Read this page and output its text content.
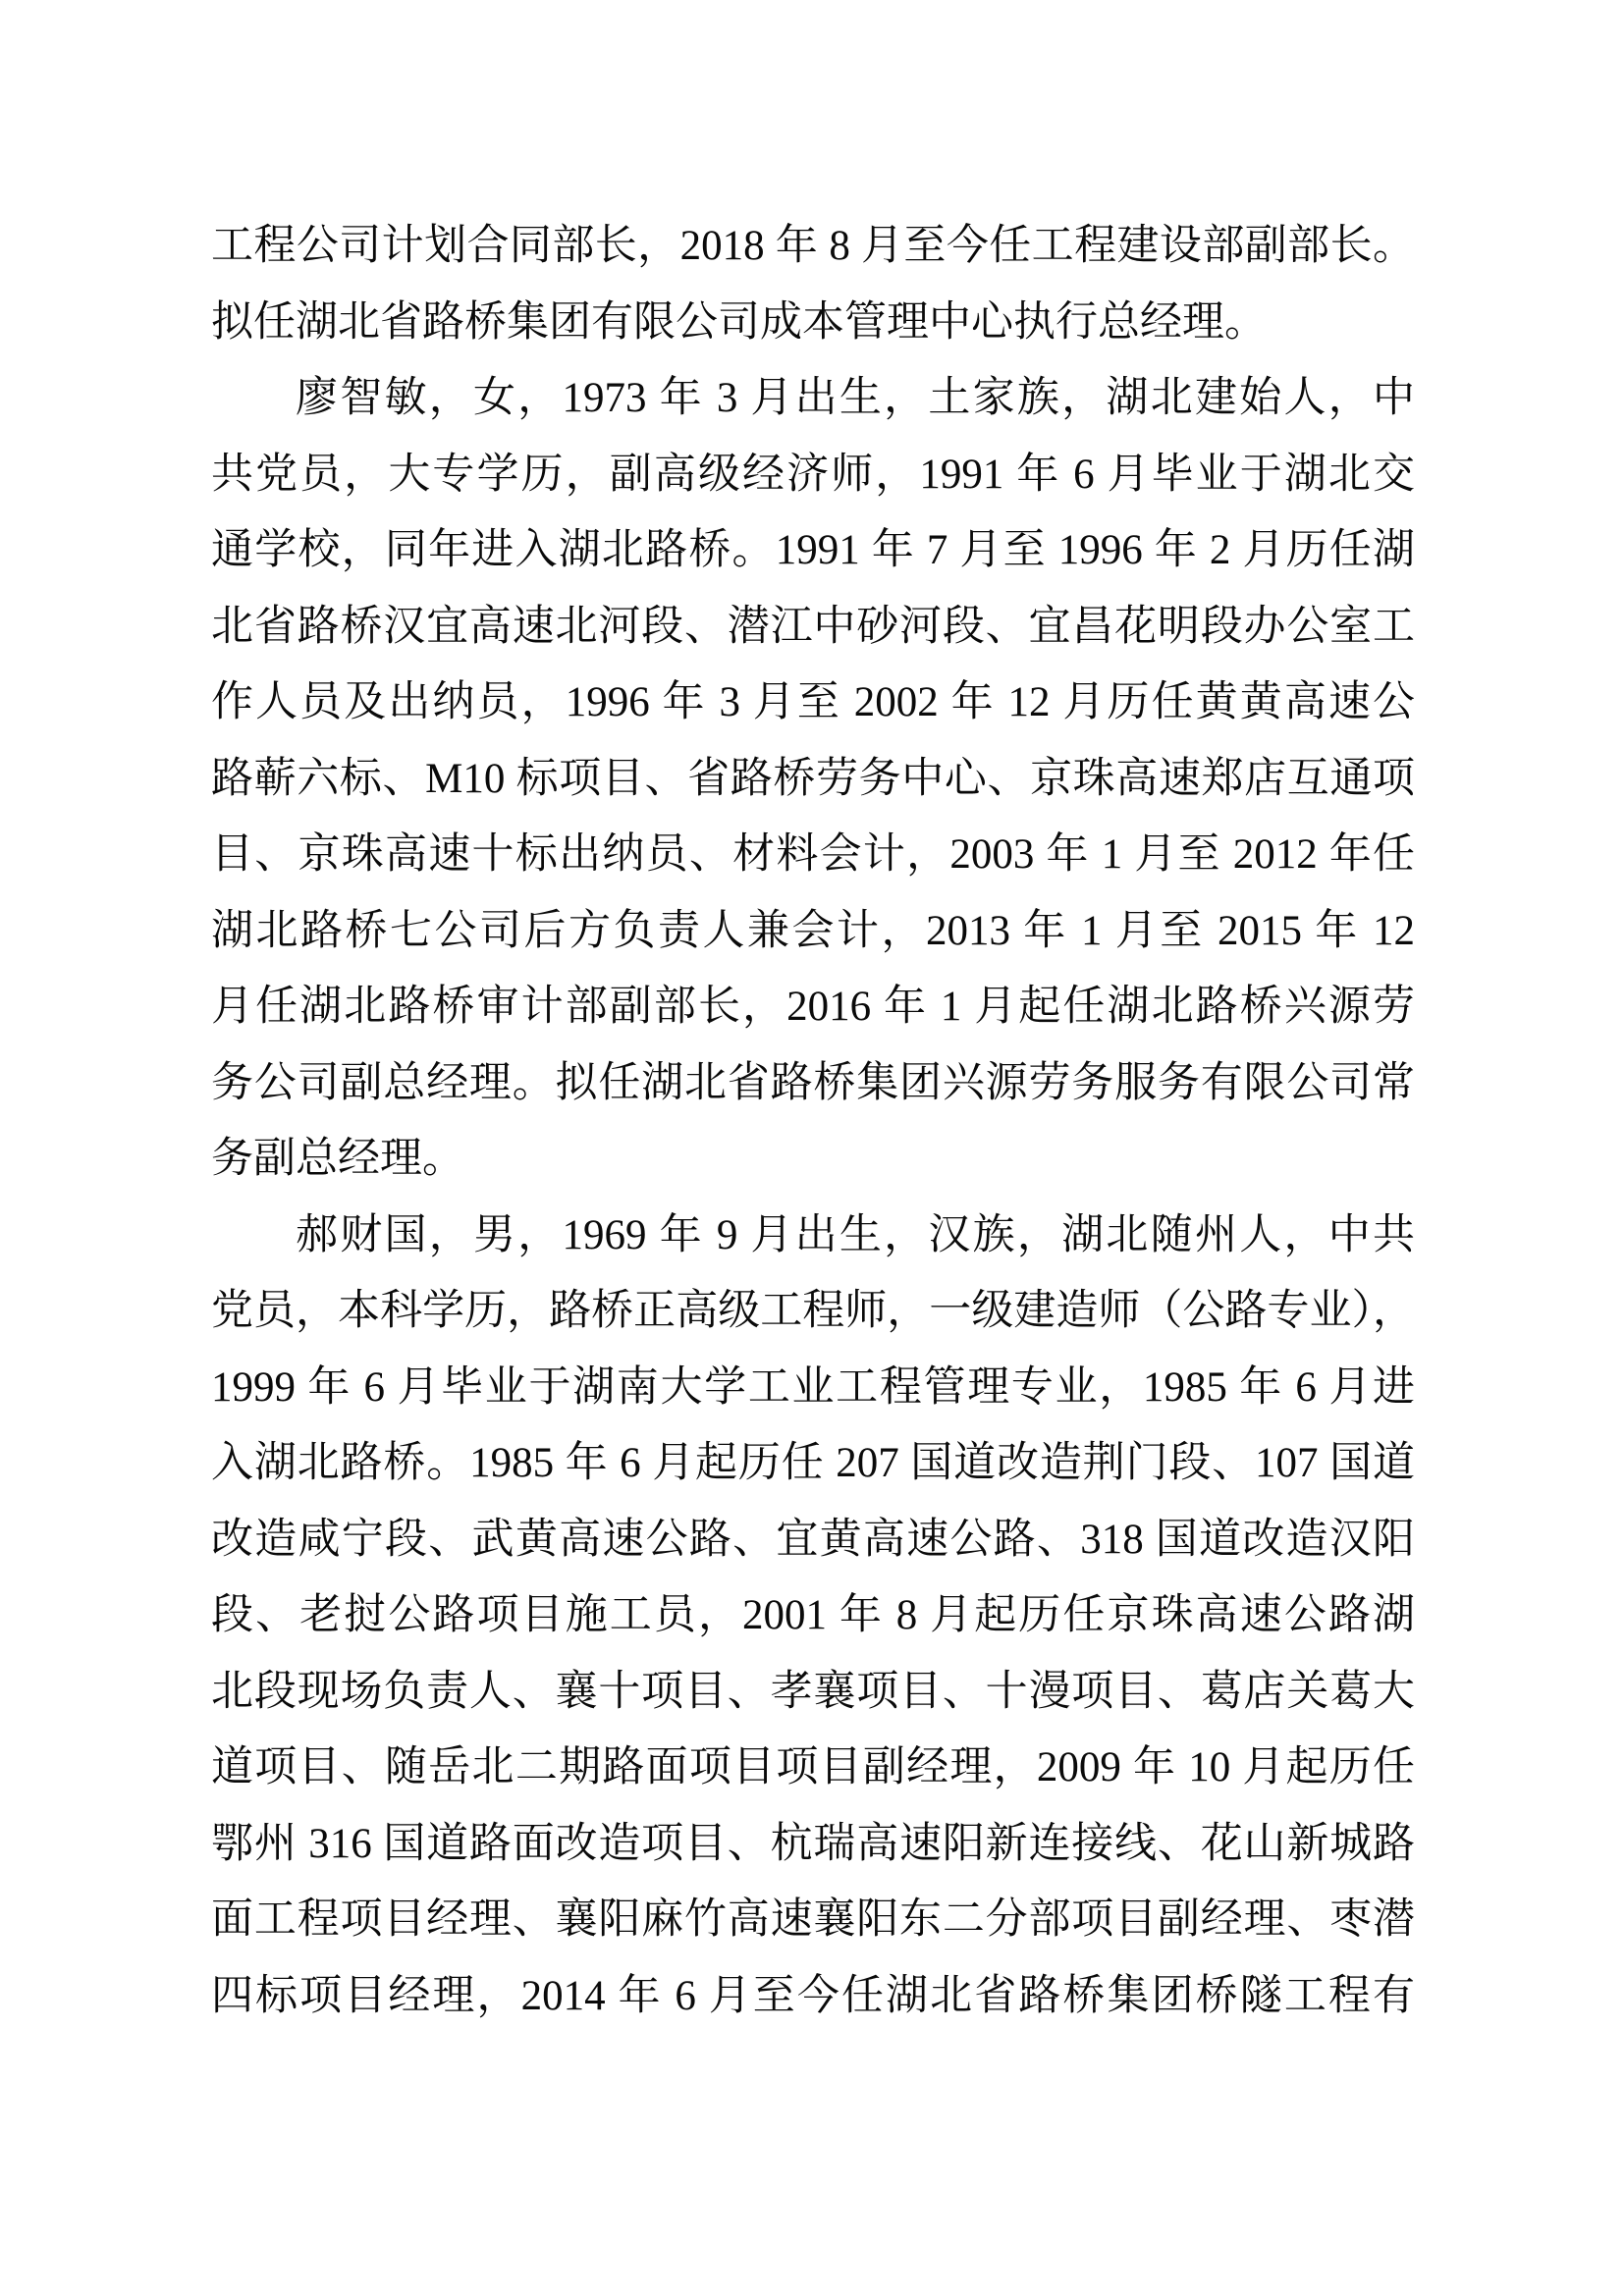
工程公司计划合同部长，2018 年 8 月至今任工程建设部副部长。
拟任湖北省路桥集团有限公司成本管理中心执行总经理。
廖智敏，女，1973 年 3 月出生，土家族，湖北建始人，中
共党员，大专学历，副高级经济师，1991 年 6 月毕业于湖北交
通学校，同年进入湖北路桥。1991 年 7 月至 1996 年 2 月历任湖
北省路桥汉宜高速北河段、潜江中砂河段、宜昌花明段办公室工
作人员及出纳员，1996 年 3 月至 2002 年 12 月历任黄黄高速公
路蕲六标、M10 标项目、省路桥劳务中心、京珠高速郑店互通项
目、京珠高速十标出纳员、材料会计，2003 年 1 月至 2012 年任
湖北路桥七公司后方负责人兼会计，2013 年 1 月至 2015 年 12
月任湖北路桥审计部副部长，2016 年 1 月起任湖北路桥兴源劳
务公司副总经理。拟任湖北省路桥集团兴源劳务服务有限公司常
务副总经理。
郝财国，男，1969 年 9 月出生，汉族，湖北随州人，中共
党员，本科学历，路桥正高级工程师，一级建造师（公路专业），
1999 年 6 月毕业于湖南大学工业工程管理专业，1985 年 6 月进
入湖北路桥。1985 年 6 月起历任 207 国道改造荆门段、107 国道
改造咸宁段、武黄高速公路、宜黄高速公路、318 国道改造汉阳
段、老挝公路项目施工员，2001 年 8 月起历任京珠高速公路湖
北段现场负责人、襄十项目、孝襄项目、十漫项目、葛店关葛大
道项目、随岳北二期路面项目项目副经理，2009 年 10 月起历任
鄂州 316 国道路面改造项目、杭瑞高速阳新连接线、花山新城路
面工程项目经理、襄阳麻竹高速襄阳东二分部项目副经理、枣潜
四标项目经理，2014 年 6 月至今任湖北省路桥集团桥隧工程有
